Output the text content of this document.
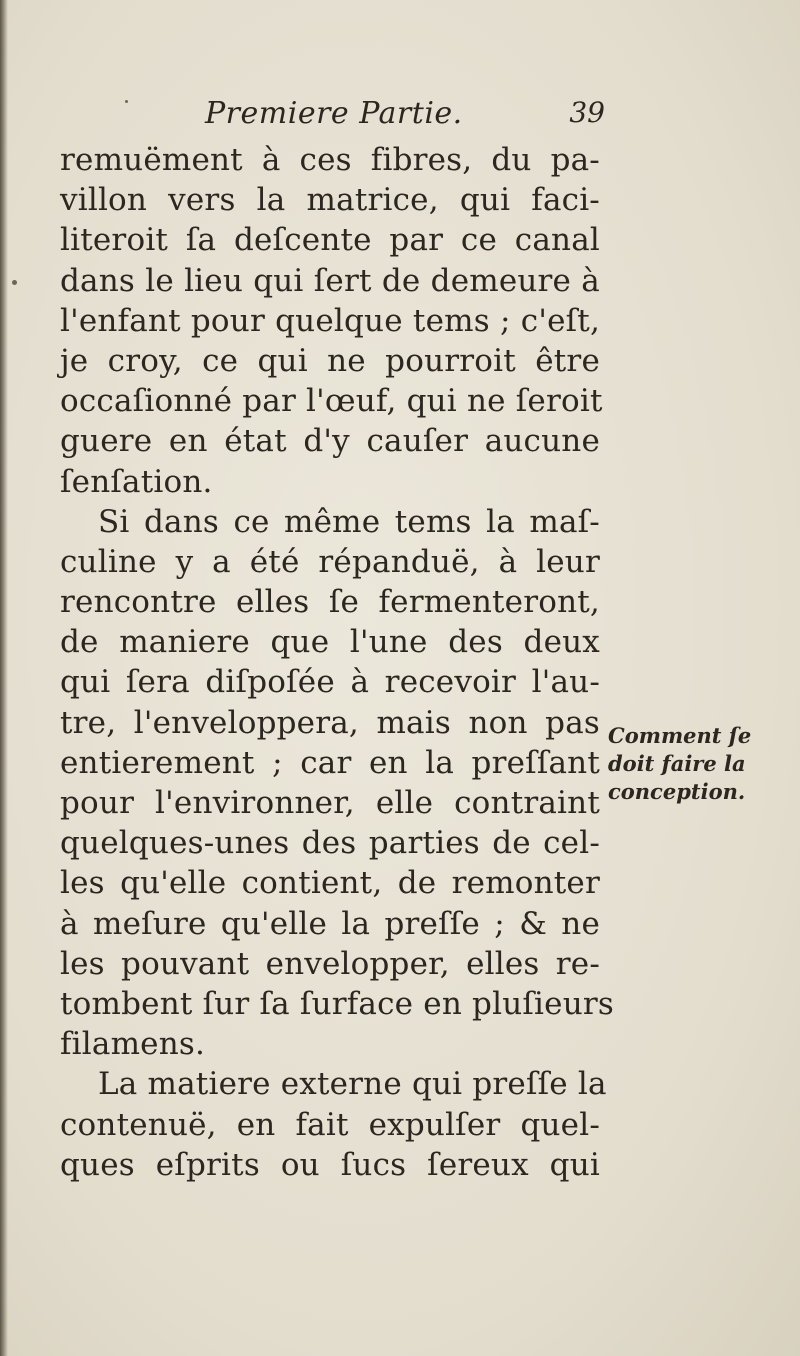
Premiere Partie.	39
remuëment à ces fibres, du pa-
villon vers la matrice, qui faci-
literoit ſa deſcente par ce canal
dans le lieu qui ſert de demeure à
l'enfant pour quelque tems ; c'eſt,
je croy, ce qui ne pourroit être
occaſionné par l'œuf, qui ne ſeroit
guere en état d'y cauſer aucune
ſenſation.
Si dans ce même tems la maſ-
culine y a été répanduë, à leur
rencontre elles ſe fermenteront,
de maniere que l'une des deux
qui ſera diſpoſée à recevoir l'au-
tre, l'enveloppera, mais non pas
entierement ; car en la preſſant
pour l'environner, elle contraint
quelques-unes des parties de cel-
les qu'elle contient, de remonter
à meſure qu'elle la preſſe ; & ne
les pouvant envelopper, elles re-
tombent ſur ſa ſurface en pluſieurs
filamens.
La matiere externe qui preſſe la
contenuë, en fait expulſer quel-
ques eſprits ou ſucs ſereux qui
Comment ſe
doit faire la
conception.
